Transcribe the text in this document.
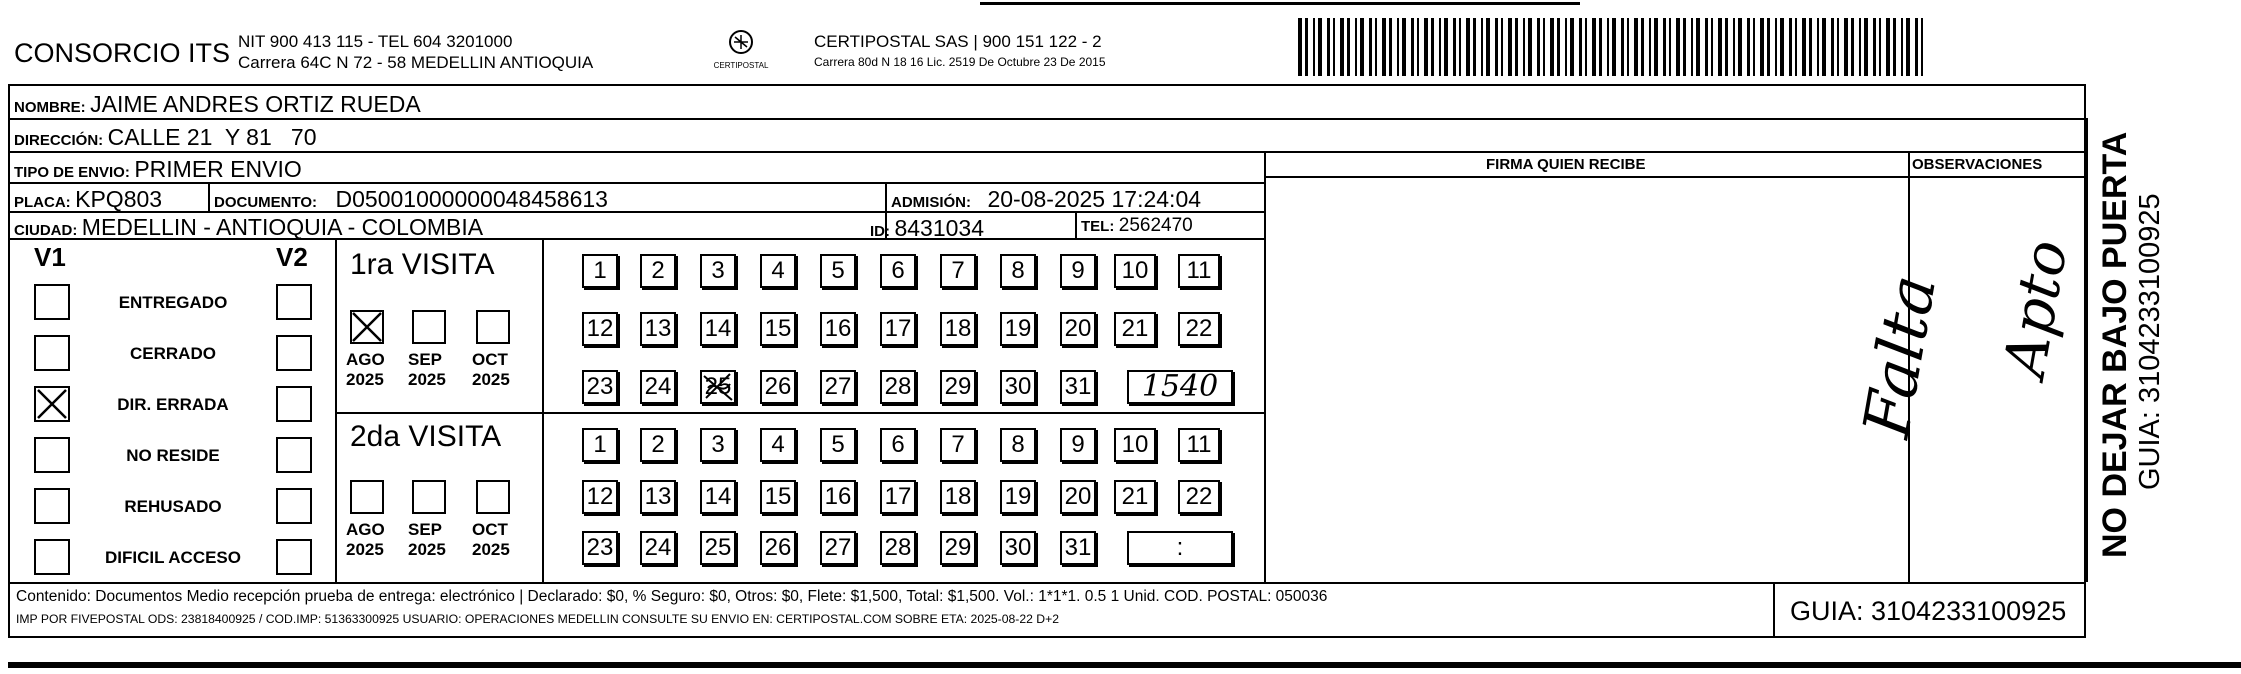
CONSORCIO ITS NIT 900 413 115 - TEL 604 3201000
Carrera 64C N 72 - 58 MEDELLIN ANTIOQUIA	CERTIPOSTAL
CERTIPOSTAL SAS | 900 151 122 - 2
Carrera 80d N 18 16 Lic. 2519 De Octubre 23 De 2015
NOMBRE: JAIME ANDRES ORTIZ RUEDA
DIRECCIÓN: CALLE 21  Y 81   70
TIPO DE ENVIO: PRIMER ENVIO
PLACA: KPQ803	DOCUMENTO: D05001000000048458613	ADMISIÓN: 20-08-2025 17:24:04
CIUDAD: MEDELLIN - ANTIOQUIA - COLOMBIA	ID: 8431034	TEL: 2562470
FIRMA QUIEN RECIBE	OBSERVACIONES
V1	V2
ENTREGADO
CERRADO
DIR. ERRADA
NO RESIDE
REHUSADO
DIFICIL ACCESO
1ra VISITA
2da VISITA
AGO
2025
SEP
2025
OCT
2025
AGO
2025
SEP
2025
OCT
2025
1	2	3	4	5	6	7	8	9	10	11
12 13 14 15 16 17 18 19 20	21	22
23 24 25 26 27 28 29 30 31
1	2	3	4	5	6	7	8	9	10	11
12 13 14 15 16 17 18 19 20	21	22
23 24 25 26 27 28 29 30 31
1540
:
Falta Apto NO DEJAR BAJO PUERTA GUIA: 3104233100925
Contenido: Documentos Medio recepción prueba de entrega: electrónico | Declarado: $0, % Seguro: $0, Otros: $0, Flete: $1,500, Total: $1,500. Vol.: 1*1*1. 0.5 1 Unid. COD. POSTAL: 050036
IMP POR FIVEPOSTAL ODS: 23818400925 / COD.IMP: 51363300925 USUARIO: OPERACIONES MEDELLIN CONSULTE SU ENVIO EN: CERTIPOSTAL.COM SOBRE ETA: 2025-08-22 D+2	GUIA: 3104233100925
